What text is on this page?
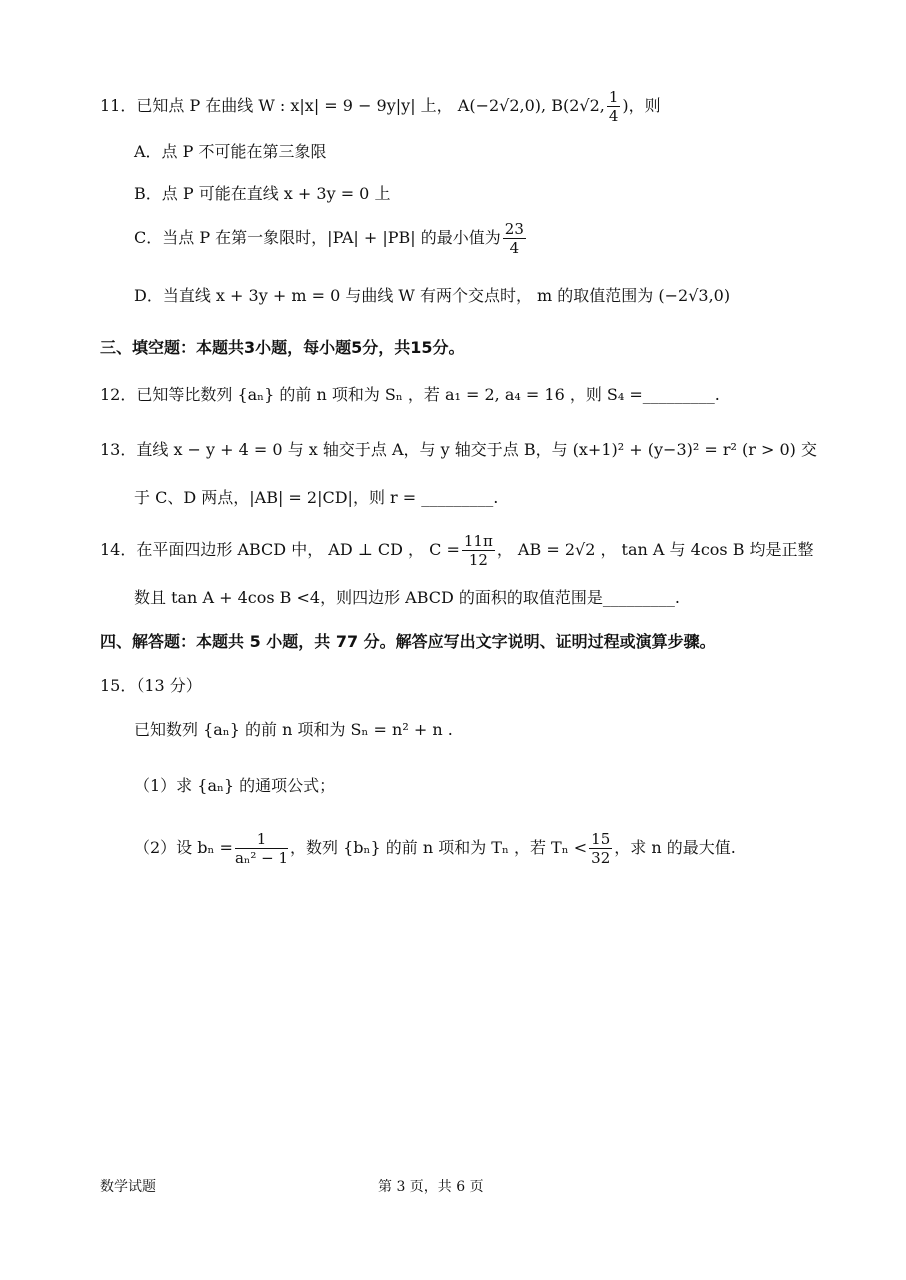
11．已知点 P 在曲线 W : x|x| = 9 − 9y|y| 上， A(−2√2,0), B(2√2, $\frac{1}{4}$ )，则
A．点 P 不可能在第三象限
B．点 P 可能在直线 x + 3y = 0 上
C．当点 P 在第一象限时，|PA| + |PB| 的最小值为 $\frac{23}{4}$
D．当直线 x + 3y + m = 0 与曲线 W 有两个交点时， m 的取值范围为 (−2√3,0)
三、填空题：本题共3小题，每小题5分，共15分。
12．已知等比数列 {aₙ} 的前 n 项和为 Sₙ ，若 a₁ = 2, a₄ = 16 ，则 S₄ =_________.
13．直线 x − y + 4 = 0 与 x 轴交于点 A，与 y 轴交于点 B，与 (x+1)² + (y−3)² = r² (r > 0) 交
于 C、D 两点，|AB| = 2|CD|，则 r = _________.
14．在平面四边形 ABCD 中， AD ⊥ CD ， $C = \frac{11\pi}{12}$ ， AB = 2√2 ， tan A 与 4cos B 均是正整
数且 tan A + 4cos B <4，则四边形 ABCD 的面积的取值范围是_________.
四、解答题：本题共 5 小题，共 77 分。解答应写出文字说明、证明过程或演算步骤。
15．（13 分）
已知数列 {aₙ} 的前 n 项和为 Sₙ = n² + n .
（1）求 {aₙ} 的通项公式；
（2）设 $b_n = \frac{1}{\text{aₙ² − 1}}$ ，数列 {bₙ} 的前 n 项和为 Tₙ ，若 $T_n < \frac{15}{32}$ ，求 n 的最大值.
数学试题	第 3 页，共 6 页
